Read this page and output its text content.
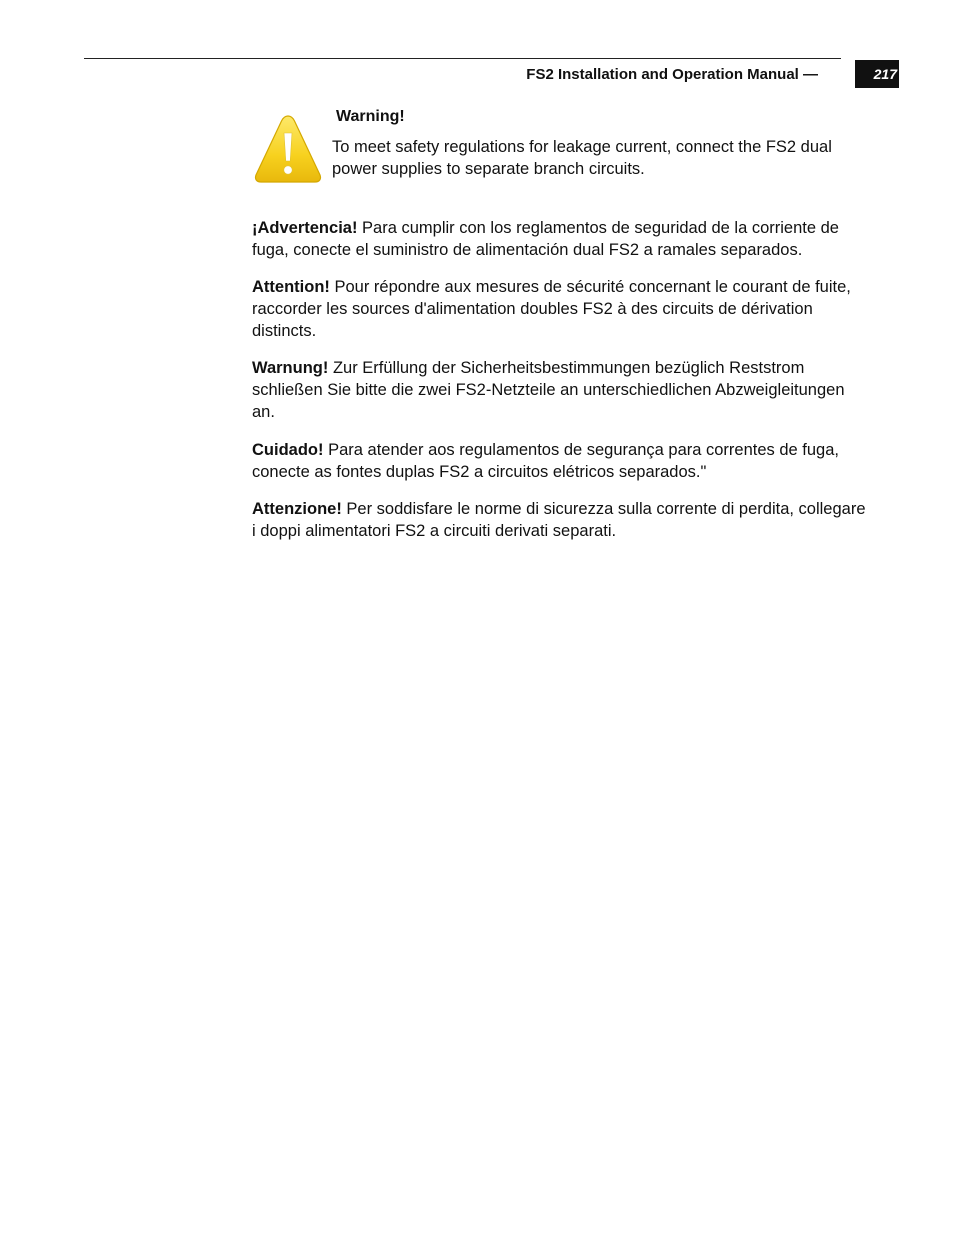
FS2 Installation and Operation Manual —	217
Warning!
To meet safety regulations for leakage current, connect the FS2 dual power supplies to separate branch circuits.

¡Advertencia! Para cumplir con los reglamentos de seguridad de la corriente de fuga, conecte el suministro de alimentación dual FS2 a ramales separados.

Attention! Pour répondre aux mesures de sécurité concernant le courant de fuite, raccorder les sources d'alimentation doubles FS2 à des circuits de dérivation distincts.

Warnung! Zur Erfüllung der Sicherheitsbestimmungen bezüglich Reststrom schließen Sie bitte die zwei FS2-Netzteile an unterschiedlichen Abzweigleitungen an.

Cuidado! Para atender aos regulamentos de segurança para correntes de fuga, conecte as fontes duplas FS2 a circuitos elétricos separados."

Attenzione! Per soddisfare le norme di sicurezza sulla corrente di perdita, collegare i doppi alimentatori FS2 a circuiti derivati separati.
